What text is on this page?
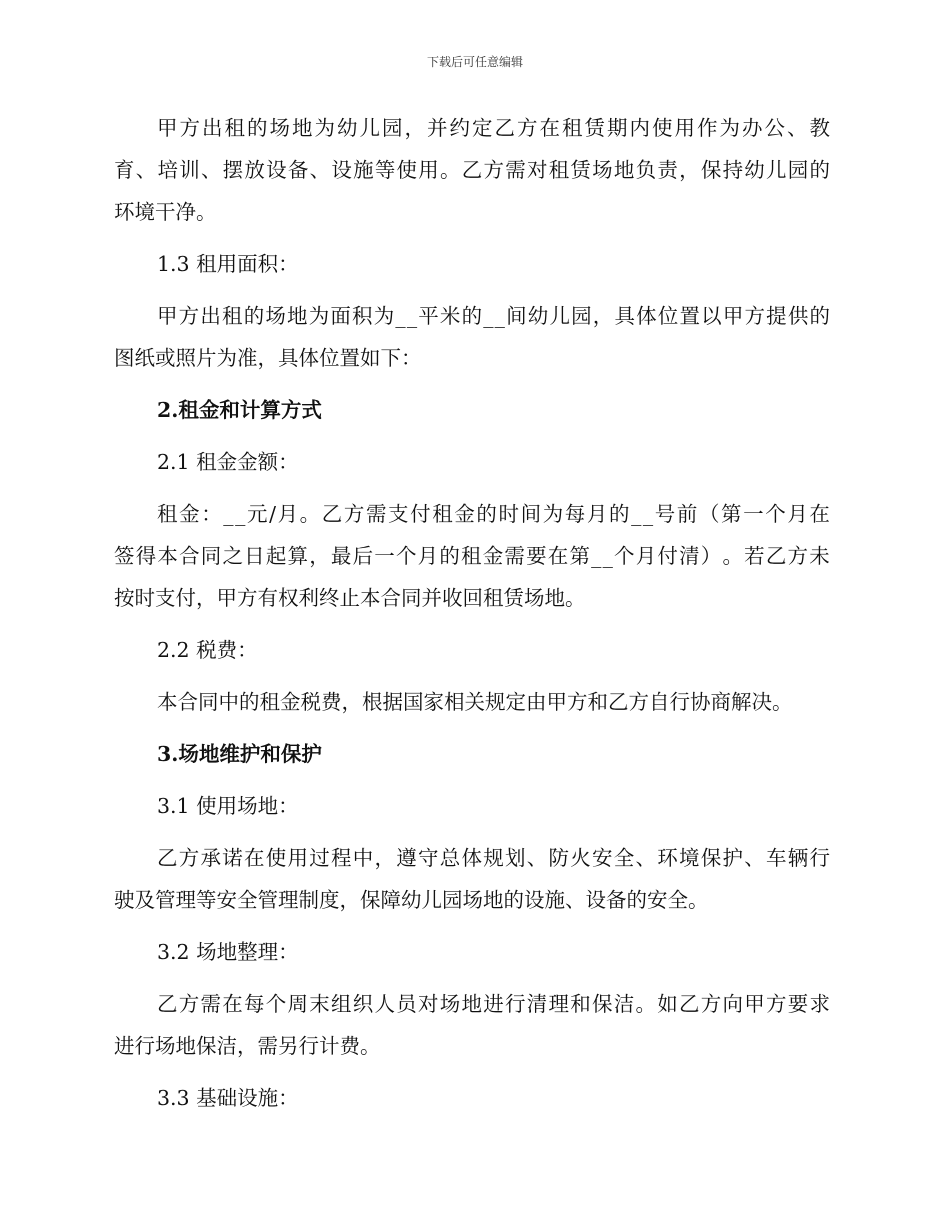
下载后可任意编辑
甲 方 出 租 的 场 地 为 幼 儿 园 ， 并 约 定 乙 方 在 租 赁 期 内 使 用 作 为 办 公 、 教
育 、 培 训 、 摆 放 设 备 、 设 施 等 使 用 。 乙 方 需 对 租 赁 场 地 负 责 ， 保 持 幼 儿 园 的
环境干净。
1.3 租用面积：
甲 方 出 租 的 场 地 为 面 积 为 _ _ 平 米 的 _ _ 间 幼 儿 园 ， 具 体 位 置 以 甲 方 提 供 的
图纸或照片为准，具体位置如下：
2.租金和计算方式
2.1 租金金额：
租 金 ： _ _ 元 / 月 。 乙 方 需 支 付 租 金 的 时 间 为 每 月 的 _ _ 号 前 （ 第 一 个 月 在
签 得 本 合 同 之 日 起 算 ， 最 后 一 个 月 的 租 金 需 要 在 第 _ _ 个 月 付 清 ） 。 若 乙 方 未
按时支付，甲方有权利终止本合同并收回租赁场地。
2.2 税费：
本合同中的租金税费，根据国家相关规定由甲方和乙方自行协商解决。
3.场地维护和保护
3.1 使用场地：
乙 方 承 诺 在 使 用 过 程 中 ， 遵 守 总 体 规 划 、 防 火 安 全 、 环 境 保 护 、 车 辆 行
驶及管理等安全管理制度，保障幼儿园场地的设施、设备的安全。
3.2 场地整理：
乙 方 需 在 每 个 周 末 组 织 人 员 对 场 地 进 行 清 理 和 保 洁 。 如 乙 方 向 甲 方 要 求
进行场地保洁，需另行计费。
3.3 基础设施：
